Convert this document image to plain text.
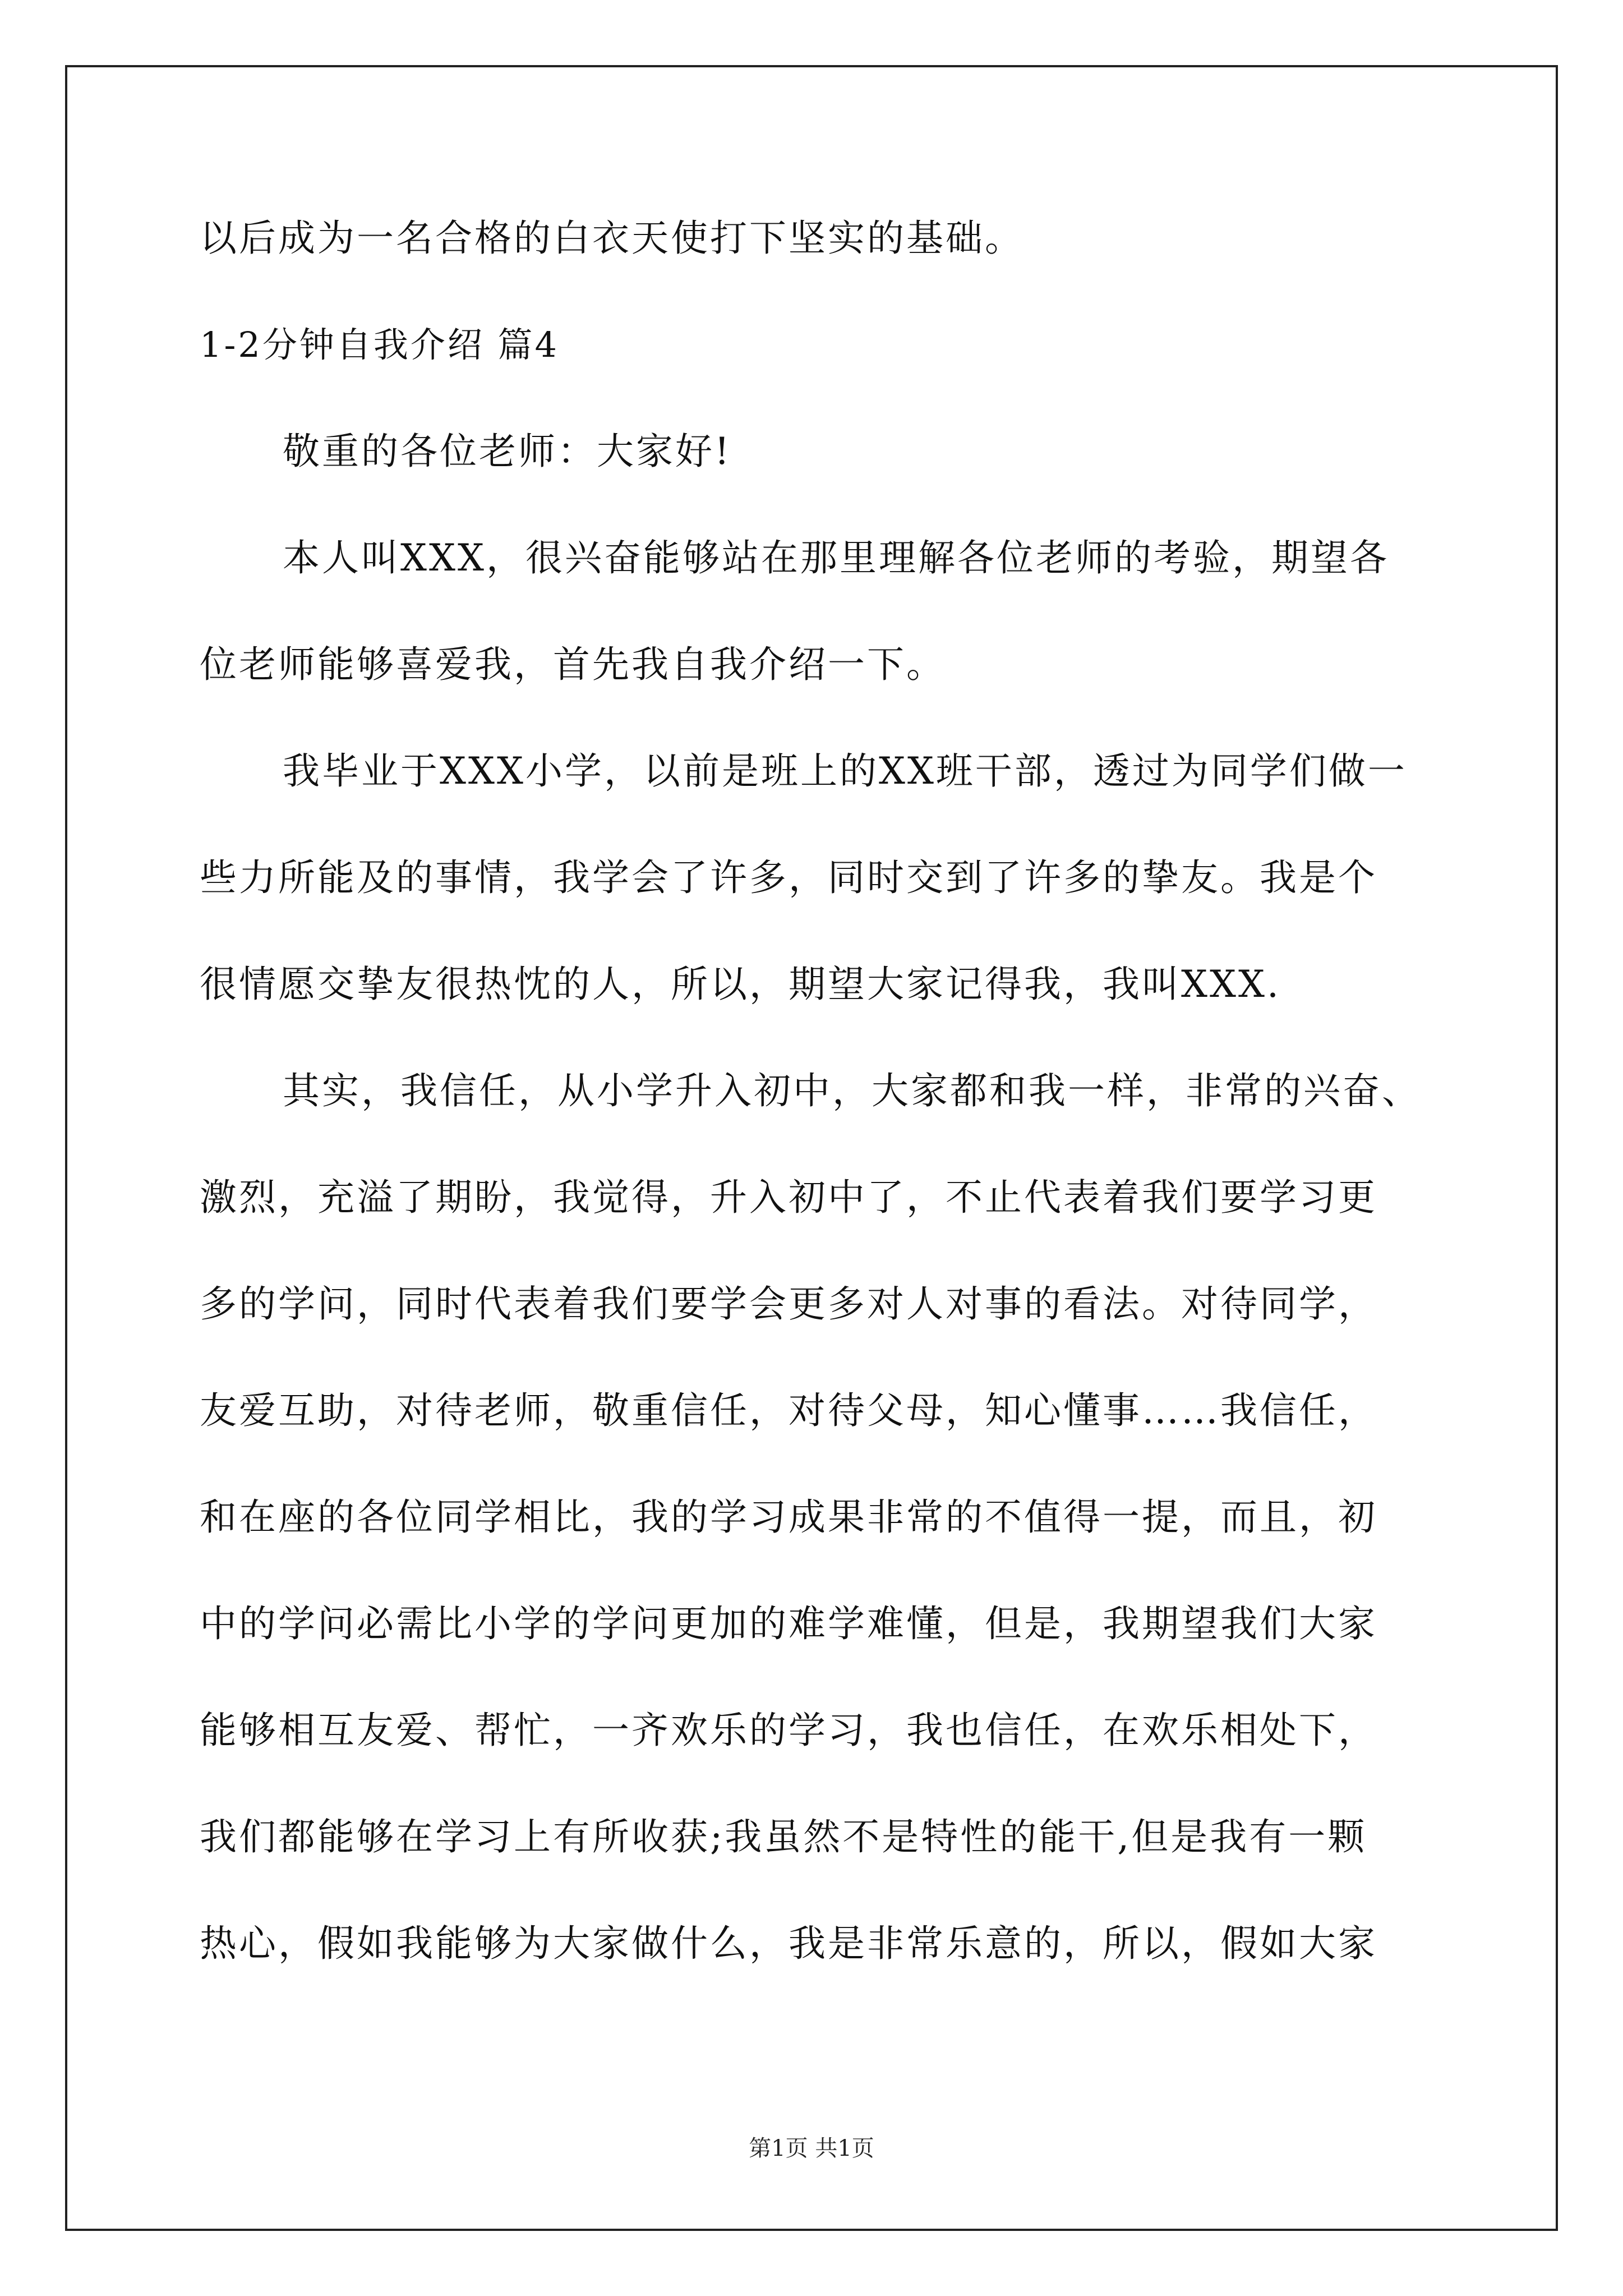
以后成为一名合格的白衣天使打下坚实的基础。
1-2分钟自我介绍 篇4
敬重的各位老师：大家好!
本人叫XXX，很兴奋能够站在那里理解各位老师的考验，期望各
位老师能够喜爱我，首先我自我介绍一下。
我毕业于XXX小学，以前是班上的XX班干部，透过为同学们做一
些力所能及的事情，我学会了许多，同时交到了许多的挚友。我是个
很情愿交挚友很热忱的人，所以，期望大家记得我，我叫XXX.
其实，我信任，从小学升入初中，大家都和我一样，非常的兴奋、
激烈，充溢了期盼，我觉得，升入初中了，不止代表着我们要学习更
多的学问，同时代表着我们要学会更多对人对事的看法。对待同学，
友爱互助，对待老师，敬重信任，对待父母，知心懂事……我信任，
和在座的各位同学相比，我的学习成果非常的不值得一提，而且，初
中的学问必需比小学的学问更加的难学难懂，但是，我期望我们大家
能够相互友爱、帮忙，一齐欢乐的学习，我也信任，在欢乐相处下，
我们都能够在学习上有所收获;我虽然不是特性的能干,但是我有一颗
热心，假如我能够为大家做什么，我是非常乐意的，所以，假如大家
第1页 共1页
